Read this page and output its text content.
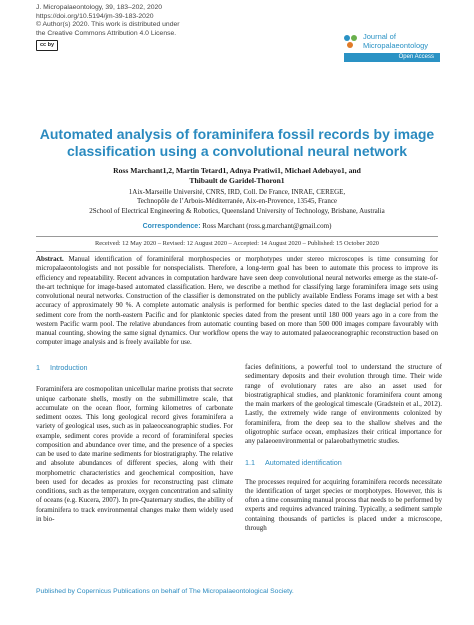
J. Micropalaeontology, 39, 183–202, 2020
https://doi.org/10.5194/jm-39-183-2020
© Author(s) 2020. This work is distributed under
the Creative Commons Attribution 4.0 License.
cc by
Journal of
Micropalaeontology
Open Access
Automated analysis of foraminifera fossil records by image classification using a convolutional neural network
Ross Marchant1,2, Martin Tetard1, Adnya Pratiwi1, Michael Adebayo1, and
Thibault de Garidel-Thoron1
1Aix-Marseille Université, CNRS, IRD, Coll. De France, INRAE, CEREGE,
Technopôle de l’Arbois-Méditerranée, Aix-en-Provence, 13545, France
2School of Electrical Engineering & Robotics, Queensland University of Technology, Brisbane, Australia
Correspondence: Ross Marchant (ross.g.marchant@gmail.com)
Received: 12 May 2020 – Revised: 12 August 2020 – Accepted: 14 August 2020 – Published: 15 October 2020
Abstract. Manual identification of foraminiferal morphospecies or morphotypes under stereo microscopes is time consuming for micropalaeontologists and not possible for nonspecialists. Therefore, a long-term goal has been to automate this process to improve its efficiency and repeatability. Recent advances in computation hardware have seen deep convolutional neural networks emerge as the state-of-the-art technique for image-based automated classification. Here, we describe a method for classifying large foraminifera image sets using convolutional neural networks. Construction of the classifier is demonstrated on the publicly available Endless Forams image set with a best accuracy of approximately 90 %. A complete automatic analysis is performed for benthic species dated to the last deglacial period for a sediment core from the north-eastern Pacific and for planktonic species dated from the present until 180 000 years ago in a core from the western Pacific warm pool. The relative abundances from automatic counting based on more than 500 000 images compare favourably with manual counting, showing the same signal dynamics. Our workflow opens the way to automated palaeoceanographic reconstruction based on computer image analysis and is freely available for use.
1 Introduction
Foraminifera are cosmopolitan unicellular marine protists that secrete unique carbonate shells, mostly on the submillimetre scale, that accumulate on the ocean floor, forming kilometres of carbonate sediment oozes. This long geological record gives foraminifera a variety of geological uses, such as in palaeoceanographic studies. For example, sediment cores provide a record of foraminiferal species composition and abundance over time, and the presence of a species can be used to date marine sediments for biostratigraphy. The relative and absolute abundances of different species, along with their morphometric characteristics and geochemical composition, have been used for decades as proxies for reconstructing past climate conditions, such as the temperature, oxygen concentration and salinity of oceans (e.g. Kucera, 2007). In pre-Quaternary studies, the ability of foraminifera to track environmental changes make them widely used in bio-
facies definitions, a powerful tool to understand the structure of sedimentary deposits and their evolution through time. Their wide range of evolutionary rates are also an asset used for biostratigraphical studies, and planktonic foraminifera count among the main markers of the geological timescale (Gradstein et al., 2012). Lastly, the extremely wide range of environments colonized by foraminifera, from the deep sea to the shallow shelves and the oligotrophic surface ocean, emphasizes their critical importance for any palaeoenvironmental or palaeobathymetric studies.
1.1 Automated identification
The processes required for acquiring foraminifera records necessitate the identification of target species or morphotypes. However, this is often a time consuming manual process that needs to be performed by experts and requires advanced training. Typically, a sediment sample containing thousands of particles is placed under a microscope, through
Published by Copernicus Publications on behalf of The Micropalaeontological Society.
